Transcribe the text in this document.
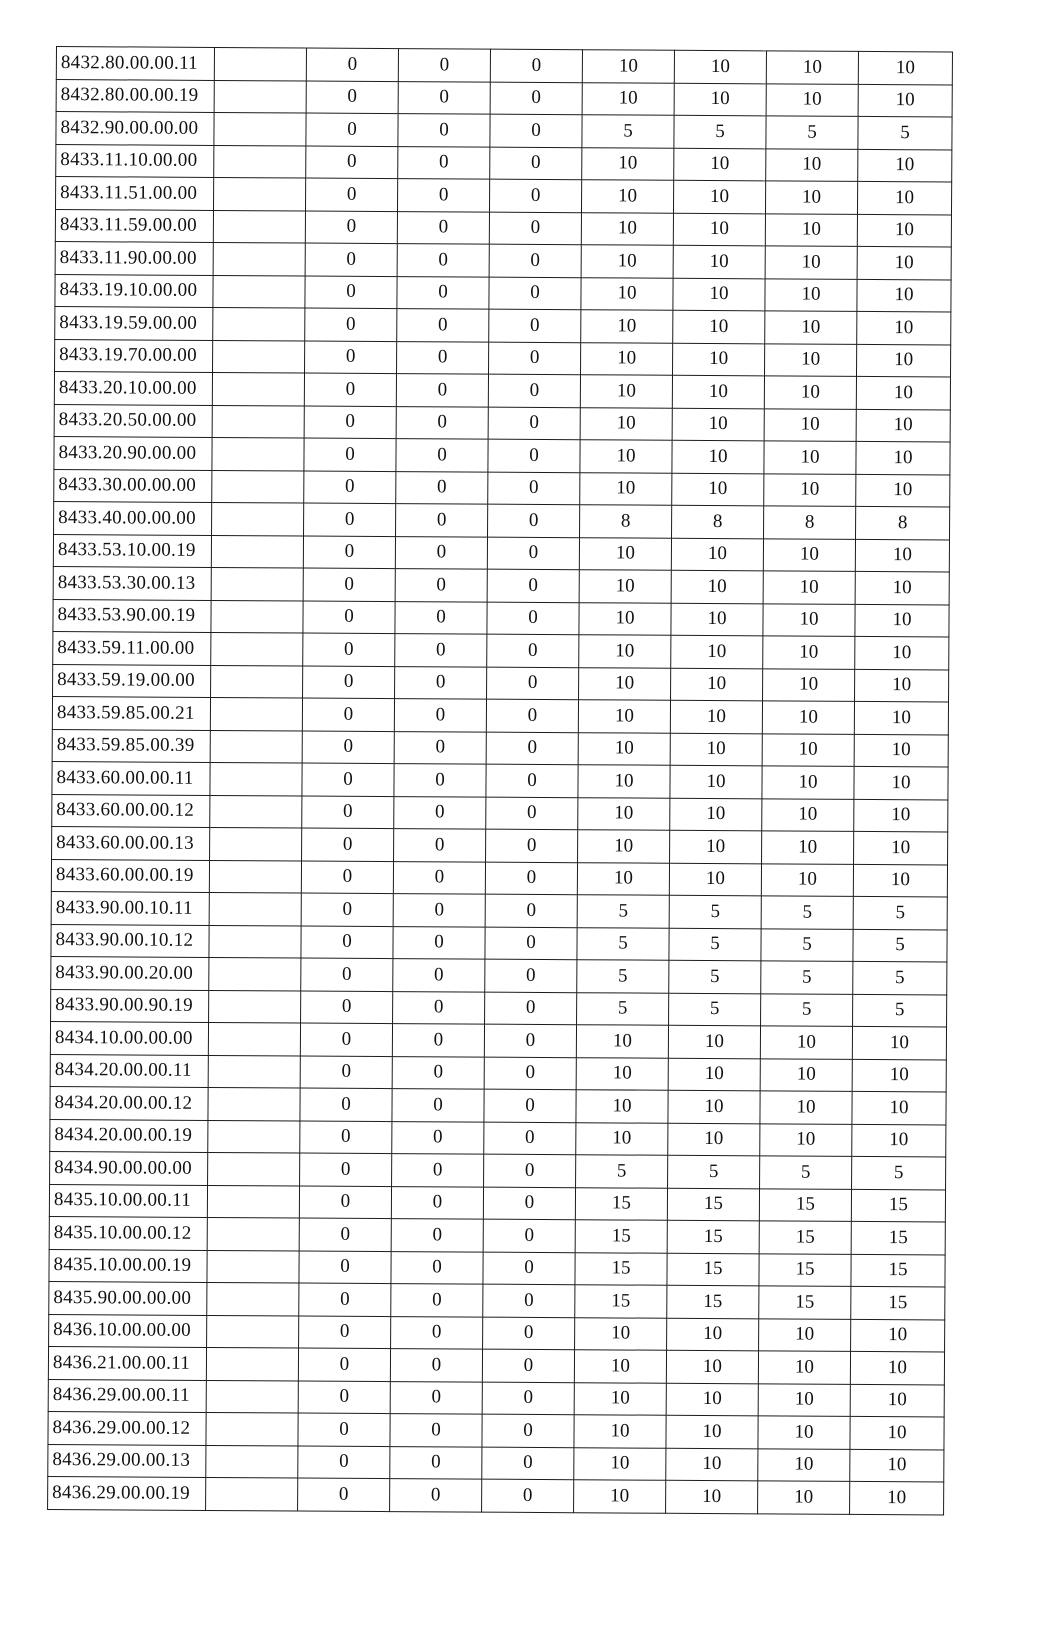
8432.80.00.00.11		0	0	0	10	10	10	10
8432.80.00.00.19		0	0	0	10	10	10	10
8432.90.00.00.00		0	0	0	5	5	5	5
8433.11.10.00.00		0	0	0	10	10	10	10
8433.11.51.00.00		0	0	0	10	10	10	10
8433.11.59.00.00		0	0	0	10	10	10	10
8433.11.90.00.00		0	0	0	10	10	10	10
8433.19.10.00.00		0	0	0	10	10	10	10
8433.19.59.00.00		0	0	0	10	10	10	10
8433.19.70.00.00		0	0	0	10	10	10	10
8433.20.10.00.00		0	0	0	10	10	10	10
8433.20.50.00.00		0	0	0	10	10	10	10
8433.20.90.00.00		0	0	0	10	10	10	10
8433.30.00.00.00		0	0	0	10	10	10	10
8433.40.00.00.00		0	0	0	8	8	8	8
8433.53.10.00.19		0	0	0	10	10	10	10
8433.53.30.00.13		0	0	0	10	10	10	10
8433.53.90.00.19		0	0	0	10	10	10	10
8433.59.11.00.00		0	0	0	10	10	10	10
8433.59.19.00.00		0	0	0	10	10	10	10
8433.59.85.00.21		0	0	0	10	10	10	10
8433.59.85.00.39		0	0	0	10	10	10	10
8433.60.00.00.11		0	0	0	10	10	10	10
8433.60.00.00.12		0	0	0	10	10	10	10
8433.60.00.00.13		0	0	0	10	10	10	10
8433.60.00.00.19		0	0	0	10	10	10	10
8433.90.00.10.11		0	0	0	5	5	5	5
8433.90.00.10.12		0	0	0	5	5	5	5
8433.90.00.20.00		0	0	0	5	5	5	5
8433.90.00.90.19		0	0	0	5	5	5	5
8434.10.00.00.00		0	0	0	10	10	10	10
8434.20.00.00.11		0	0	0	10	10	10	10
8434.20.00.00.12		0	0	0	10	10	10	10
8434.20.00.00.19		0	0	0	10	10	10	10
8434.90.00.00.00		0	0	0	5	5	5	5
8435.10.00.00.11		0	0	0	15	15	15	15
8435.10.00.00.12		0	0	0	15	15	15	15
8435.10.00.00.19		0	0	0	15	15	15	15
8435.90.00.00.00		0	0	0	15	15	15	15
8436.10.00.00.00		0	0	0	10	10	10	10
8436.21.00.00.11		0	0	0	10	10	10	10
8436.29.00.00.11		0	0	0	10	10	10	10
8436.29.00.00.12		0	0	0	10	10	10	10
8436.29.00.00.13		0	0	0	10	10	10	10
8436.29.00.00.19		0	0	0	10	10	10	10
